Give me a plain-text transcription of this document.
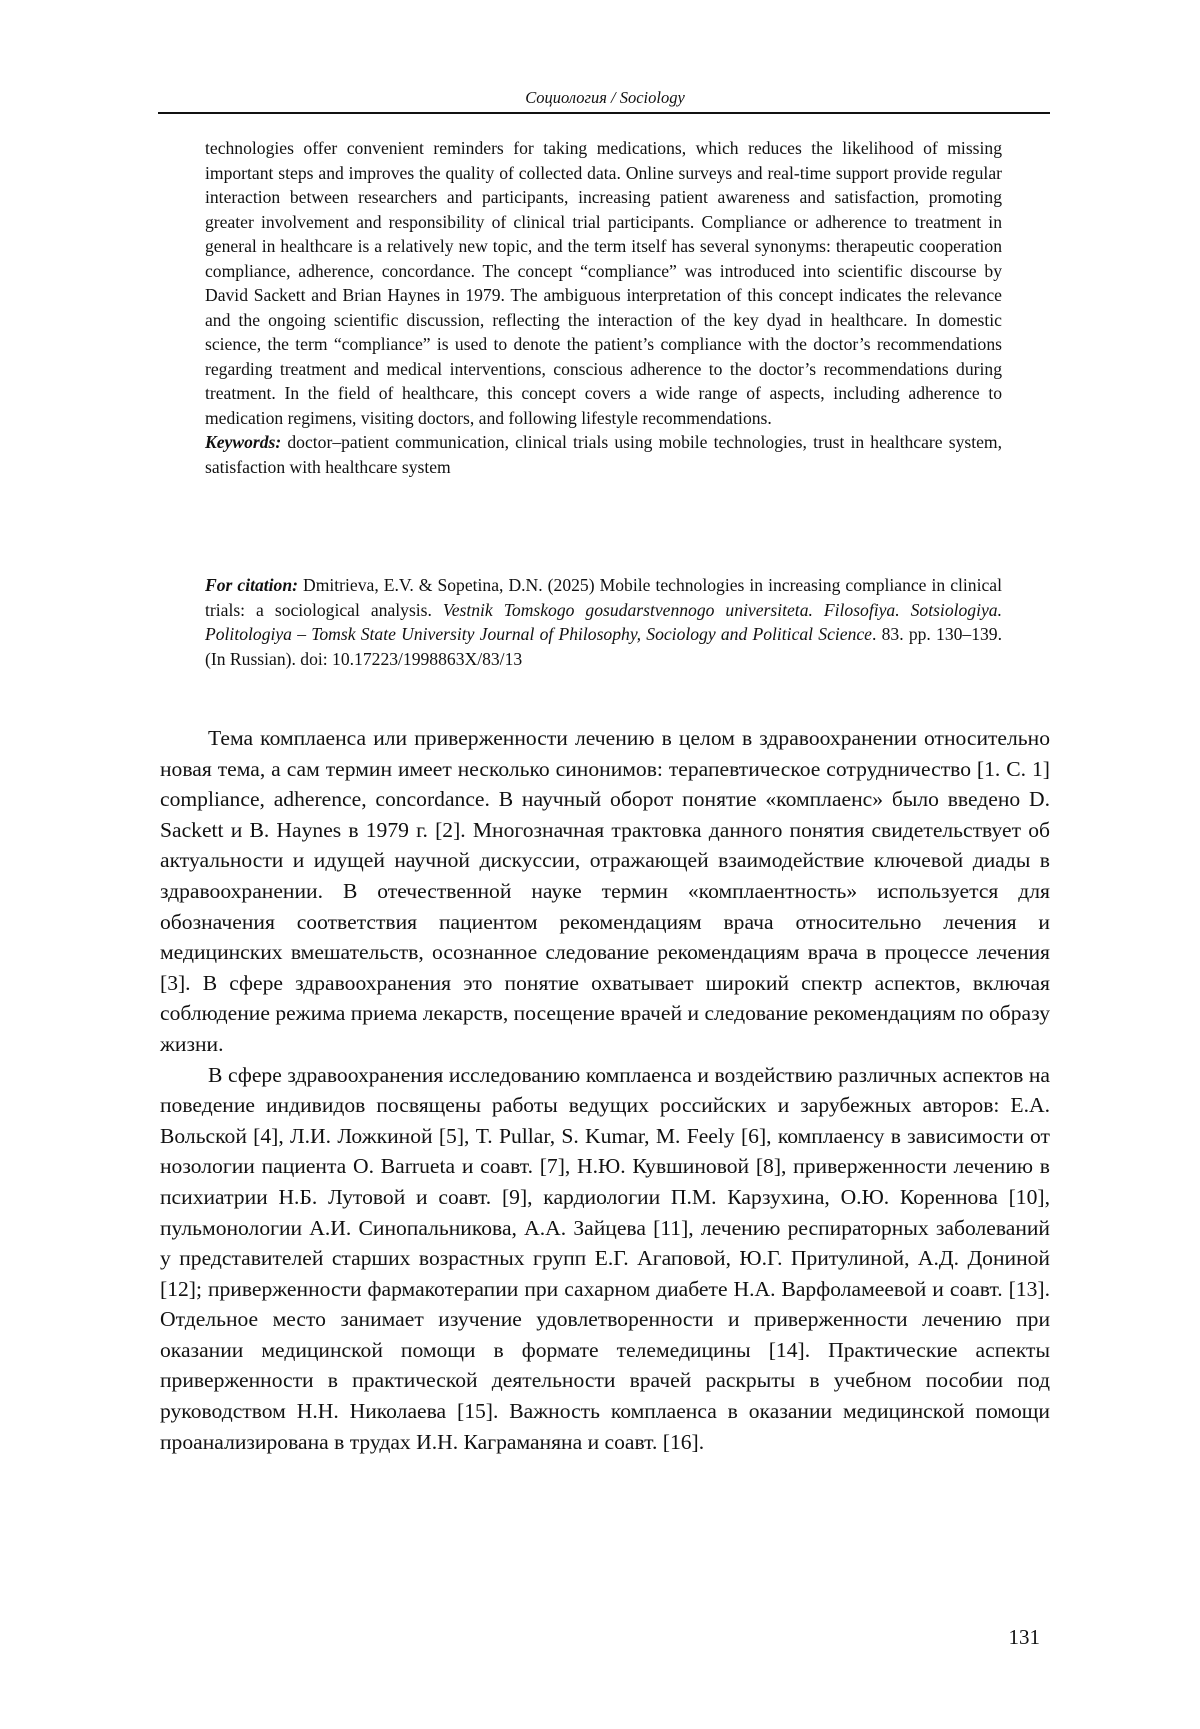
Социология / Sociology

technologies offer convenient reminders for taking medications, which reduces the likelihood of missing important steps and improves the quality of collected data. Online surveys and real-time support provide regular interaction between researchers and participants, increasing patient awareness and satisfaction, promoting greater involvement and responsibility of clinical trial participants. Compliance or adherence to treatment in general in healthcare is a relatively new topic, and the term itself has several synonyms: therapeutic cooperation compliance, adherence, concordance. The concept “compliance” was introduced into scientific discourse by David Sackett and Brian Haynes in 1979. The ambiguous interpretation of this concept indicates the relevance and the ongoing scientific discussion, reflecting the interaction of the key dyad in healthcare. In domestic science, the term “compliance” is used to denote the patient’s compliance with the doctor’s recommendations regarding treatment and medical interventions, conscious adherence to the doctor’s recommendations during treatment. In the field of healthcare, this concept covers a wide range of aspects, including adherence to medication regimens, visiting doctors, and following lifestyle recommendations.

Keywords: doctor–patient communication, clinical trials using mobile technologies, trust in healthcare system, satisfaction with healthcare system

For citation: Dmitrieva, E.V. & Sopetina, D.N. (2025) Mobile technologies in increasing compliance in clinical trials: a sociological analysis. Vestnik Tomskogo gosudarstvennogo universiteta. Filosofiya. Sotsiologiya. Politologiya – Tomsk State University Journal of Philosophy, Sociology and Political Science. 83. pp. 130–139. (In Russian). doi: 10.17223/1998863X/83/13

Тема комплаенса или приверженности лечению в целом в здравоохранении относительно новая тема, а сам термин имеет несколько синонимов: терапевтическое сотрудничество [1. С. 1] compliance, adherence, concordance. В научный оборот понятие «комплаенс» было введено D. Sackett и B. Haynes в 1979 г. [2]. Многозначная трактовка данного понятия свидетельствует об актуальности и идущей научной дискуссии, отражающей взаимодействие ключевой диады в здравоохранении. В отечественной науке термин «комплаентность» используется для обозначения соответствия пациентом рекомендациям врача относительно лечения и медицинских вмешательств, осознанное следование рекомендациям врача в процессе лечения [3]. В сфере здравоохранения это понятие охватывает широкий спектр аспектов, включая соблюдение режима приема лекарств, посещение врачей и следование рекомендациям по образу жизни.

В сфере здравоохранения исследованию комплаенса и воздействию различных аспектов на поведение индивидов посвящены работы ведущих российских и зарубежных авторов: Е.А. Вольской [4], Л.И. Ложкиной [5], T. Pullar, S. Kumar, M. Feely [6], комплаенсу в зависимости от нозологии пациента O. Barrueta и соавт. [7], Н.Ю. Кувшиновой [8], приверженности лечению в психиатрии Н.Б. Лутовой и соавт. [9], кардиологии П.М. Карзухина, О.Ю. Кореннова [10], пульмонологии А.И. Синопальникова, А.А. Зайцева [11], лечению респираторных заболеваний у представителей старших возрастных групп Е.Г. Агаповой, Ю.Г. Притулиной, А.Д. Дониной [12]; приверженности фармакотерапии при сахарном диабете Н.А. Варфоламеевой и соавт. [13]. Отдельное место занимает изучение удовлетворенности и приверженности лечению при оказании медицинской помощи в формате телемедицины [14]. Практические аспекты приверженности в практической деятельности врачей раскрыты в учебном пособии под руководством Н.Н. Николаева [15]. Важность комплаенса в оказании медицинской помощи проанализирована в трудах И.Н. Каграманяна и соавт. [16].

131
